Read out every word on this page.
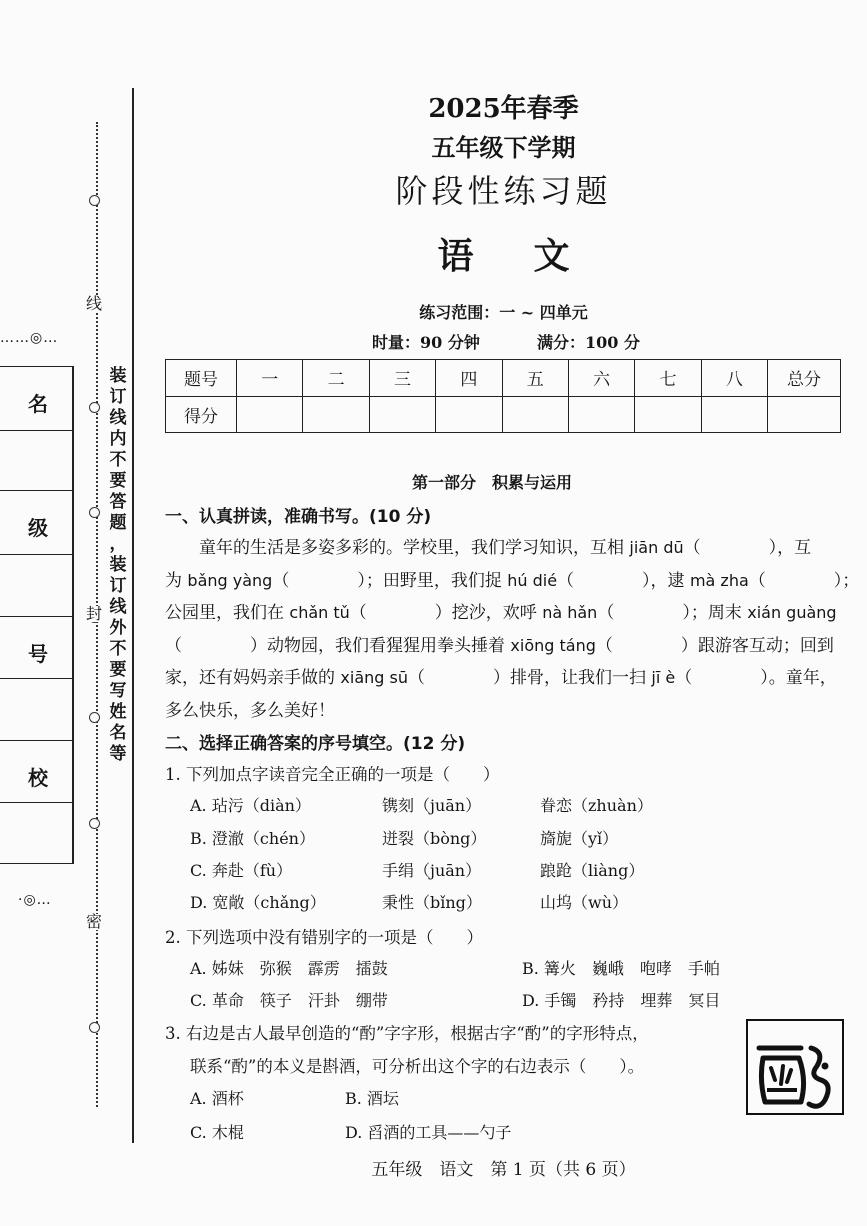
线
封
密
装
订
线
内
不
要
答
题
，
装
订
线
外
不
要
写
姓
名
等
……◎…
·◎…
名
级
号
校
2025年春季
五年级下学期
阶段性练习题
语 文
练习范围：一 ~ 四单元
时量：90 分钟	满分：100 分
题号	一	二	三	四	五	六	七	八	总分
得分									
第一部分　积累与运用
一、认真拼读，准确书写。(10 分)
童年的生活是多姿多彩的。学校里，我们学习知识，互相 jiān dū（　　　　），互
为 bǎng yàng（　　　　）；田野里，我们捉 hú dié（　　　　），逮 mà zha（　　　　）；
公园里，我们在 chǎn tǔ（　　　　）挖沙，欢呼 nà hǎn（　　　　）；周末 xián guàng
（　　　　）动物园，我们看猩猩用拳头捶着 xiōng táng（　　　　）跟游客互动；回到
家，还有妈妈亲手做的 xiāng sū（　　　　）排骨，让我们一扫 jī è（　　　　）。童年，
多么快乐，多么美好！
二、选择正确答案的序号填空。(12 分)
1. 下列加点字读音完全正确的一项是（　　）
A. 玷污（diàn）	镌刻（juān）	眷恋（zhuàn）
B. 澄澈（chén）	迸裂（bòng）	旖旎（yǐ）
C. 奔赴（fù）	手绢（juān）	踉跄（liàng）
D. 宽敞（chǎng）	秉性（bǐng）	山坞（wù）
2. 下列选项中没有错别字的一项是（　　）
A. 姊妹　弥猴　霹雳　擂鼓	B. 篝火　巍峨　咆哮　手帕
C. 革命　筷子　汗卦　绷带	D. 手镯　矜持　埋葬　冥目
3. 右边是古人最早创造的“酌”字字形，根据古字“酌”的字形特点，
联系“酌”的本义是斟酒，可分析出这个字的右边表示（　　）。
A. 酒杯	B. 酒坛
C. 木棍	D. 舀酒的工具——勺子
五年级　语文　第 1 页（共 6 页）
